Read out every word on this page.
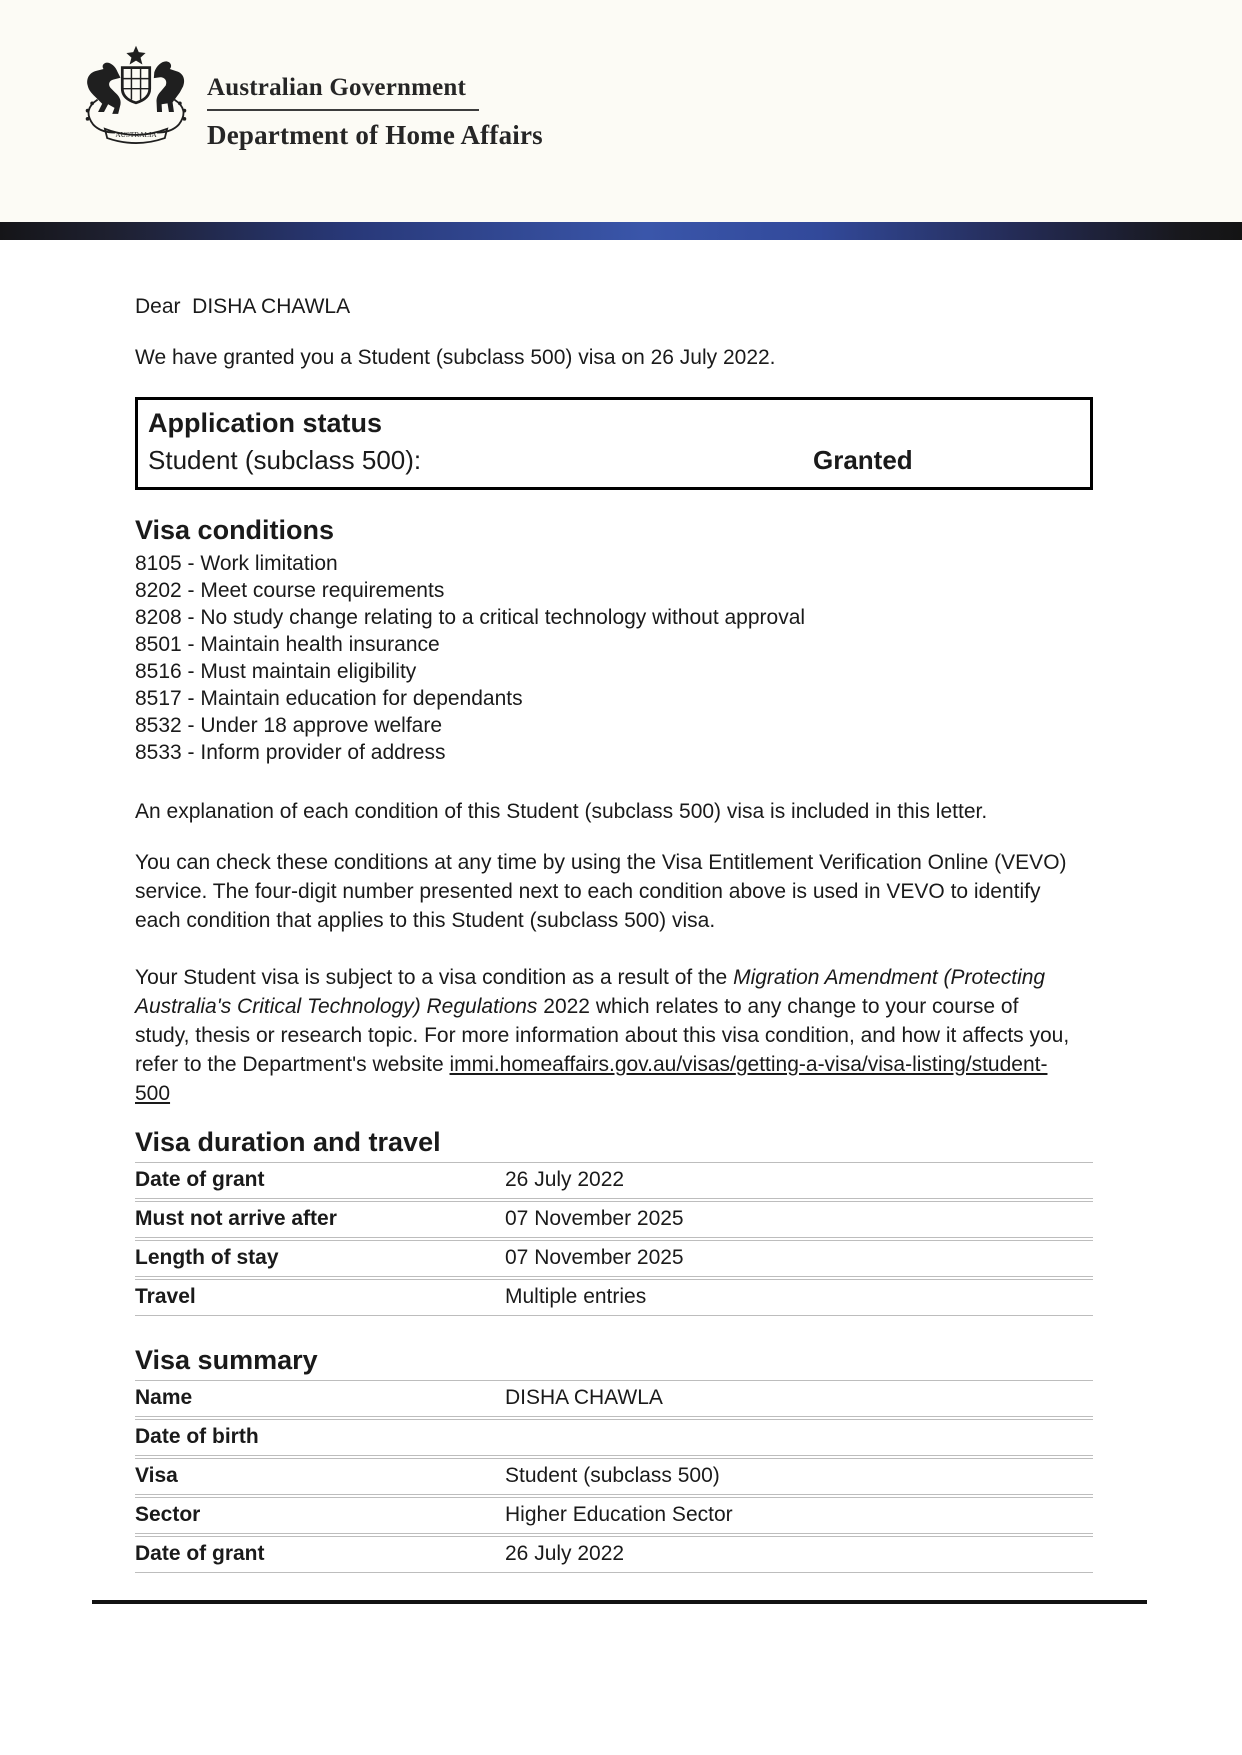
AUSTRALIA
Australian Government
Department of Home Affairs

Dear  DISHA CHAWLA

We have granted you a Student (subclass 500) visa on 26 July 2022.

Application status
Student (subclass 500):	Granted
Visa conditions
8105 - Work limitation
8202 - Meet course requirements
8208 - No study change relating to a critical technology without approval
8501 - Maintain health insurance
8516 - Must maintain eligibility
8517 - Maintain education for dependants
8532 - Under 18 approve welfare
8533 - Inform provider of address

An explanation of each condition of this Student (subclass 500) visa is included in this letter.

You can check these conditions at any time by using the Visa Entitlement Verification Online (VEVO) service. The four-digit number presented next to each condition above is used in VEVO to identify each condition that applies to this Student (subclass 500) visa.

Your Student visa is subject to a visa condition as a result of the Migration Amendment (Protecting Australia's Critical Technology) Regulations 2022 which relates to any change to your course of study, thesis or research topic. For more information about this visa condition, and how it affects you, refer to the Department's website immi.homeaffairs.gov.au/visas/getting-a-visa/visa-listing/student-500

Visa duration and travel
Date of grant	26 July 2022
Must not arrive after	07 November 2025
Length of stay	07 November 2025
Travel	Multiple entries
Visa summary
Name	DISHA CHAWLA
Date of birth	
Visa	Student (subclass 500)
Sector	Higher Education Sector
Date of grant	26 July 2022
